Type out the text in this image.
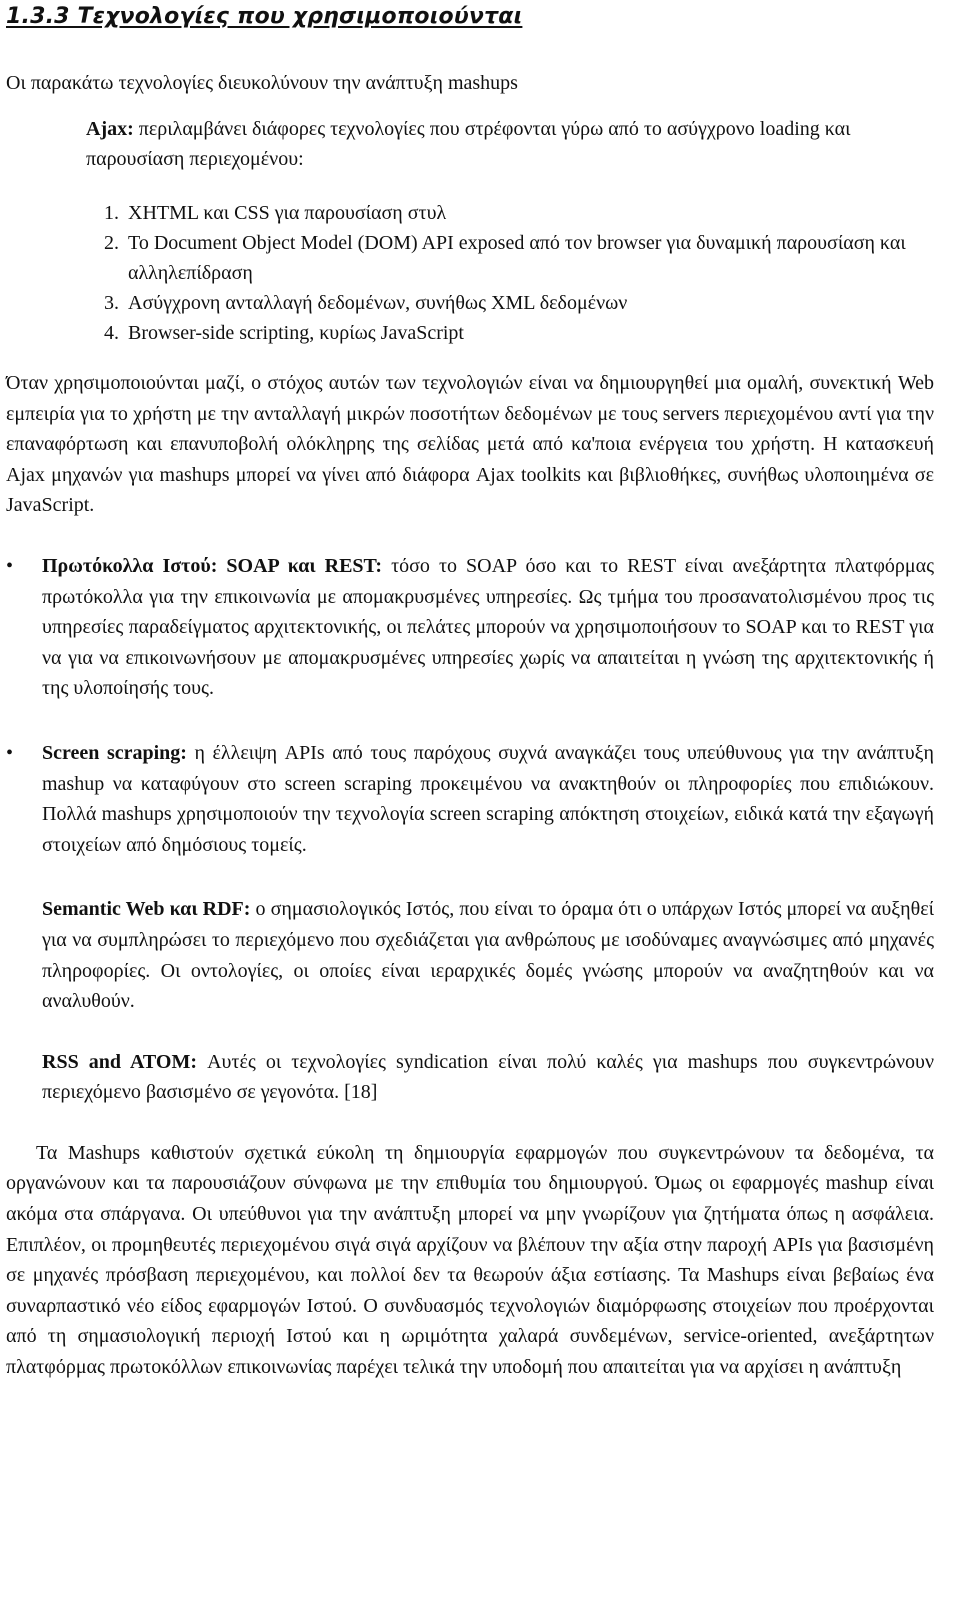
1.3.3 Τεχνολογίες που χρησιμοποιούνται

Οι παρακάτω τεχνολογίες διευκολύνουν την ανάπτυξη mashups

Ajax: περιλαμβάνει διάφορες τεχνολογίες που στρέφονται γύρω από το ασύγχρονο loading και παρουσίαση περιεχομένου:

1. XHTML και CSS για παρουσίαση στυλ
2. Το Document Object Model (DOM) API exposed από τον browser για δυναμική παρουσίαση και αλληλεπίδραση
3. Ασύγχρονη ανταλλαγή δεδομένων, συνήθως XML δεδομένων
4. Browser-side scripting, κυρίως JavaScript

Όταν χρησιμοποιούνται μαζί, ο στόχος αυτών των τεχνολογιών είναι να δημιουργηθεί μια ομαλή, συνεκτική Web εμπειρία για το χρήστη με την ανταλλαγή μικρών ποσοτήτων δεδομένων με τους servers περιεχομένου αντί για την επαναφόρτωση και επανυποβολή ολόκληρης της σελίδας μετά από κα'ποια ενέργεια του χρήστη. Η κατασκευή Ajax μηχανών για mashups μπορεί να γίνει από διάφορα Ajax toolkits και βιβλιοθήκες, συνήθως υλοποιημένα σε JavaScript.

•	Πρωτόκολλα Ιστού: SOAP και REST: τόσο το SOAP όσο και το REST είναι ανεξάρτητα πλατφόρμας πρωτόκολλα για την επικοινωνία με απομακρυσμένες υπηρεσίες. Ως τμήμα του προσανατολισμένου προς τις υπηρεσίες παραδείγματος αρχιτεκτονικής, οι πελάτες μπορούν να χρησιμοποιήσουν το SOAP και το REST για να για να επικοινωνήσουν με απομακρυσμένες υπηρεσίες χωρίς να απαιτείται η γνώση της αρχιτεκτονικής ή της υλοποίησής τους.
•	Screen scraping: η έλλειψη APIs από τους παρόχους συχνά αναγκάζει τους υπεύθυνους για την ανάπτυξη mashup να καταφύγουν στο screen scraping προκειμένου να ανακτηθούν οι πληροφορίες που επιδιώκουν. Πολλά mashups χρησιμοποιούν την τεχνολογία screen scraping απόκτηση στοιχείων, ειδικά κατά την εξαγωγή στοιχείων από δημόσιους τομείς.
Semantic Web και RDF: ο σημασιολογικός Ιστός, που είναι το όραμα ότι ο υπάρχων Ιστός μπορεί να αυξηθεί για να συμπληρώσει το περιεχόμενο που σχεδιάζεται για ανθρώπους με ισοδύναμες αναγνώσιμες από μηχανές πληροφορίες. Οι οντολογίες, οι οποίες είναι ιεραρχικές δομές γνώσης μπορούν να αναζητηθούν και να αναλυθούν.
RSS and ATOM: Αυτές οι τεχνολογίες syndication είναι πολύ καλές για mashups που συγκεντρώνουν περιεχόμενο βασισμένο σε γεγονότα. [18]

Τα Mashups καθιστούν σχετικά εύκολη τη δημιουργία εφαρμογών που συγκεντρώνουν τα δεδομένα, τα οργανώνουν και τα παρουσιάζουν σύνφωνα με την επιθυμία του δημιουργού. Όμως οι εφαρμογές mashup είναι ακόμα στα σπάργανα. Οι υπεύθυνοι για την ανάπτυξη μπορεί να μην γνωρίζουν για ζητήματα όπως η ασφάλεια. Επιπλέον, οι προμηθευτές περιεχομένου σιγά σιγά αρχίζουν να βλέπουν την αξία στην παροχή APIs για βασισμένη σε μηχανές πρόσβαση περιεχομένου, και πολλοί δεν τα θεωρούν άξια εστίασης. Τα Mashups είναι βεβαίως ένα συναρπαστικό νέο είδος εφαρμογών Ιστού. Ο συνδυασμός τεχνολογιών διαμόρφωσης στοιχείων που προέρχονται από τη σημασιολογική περιοχή Ιστού και η ωριμότητα χαλαρά συνδεμένων, service-oriented, ανεξάρτητων πλατφόρμας πρωτοκόλλων επικοινωνίας παρέχει τελικά την υποδομή που απαιτείται για να αρχίσει η ανάπτυξη
